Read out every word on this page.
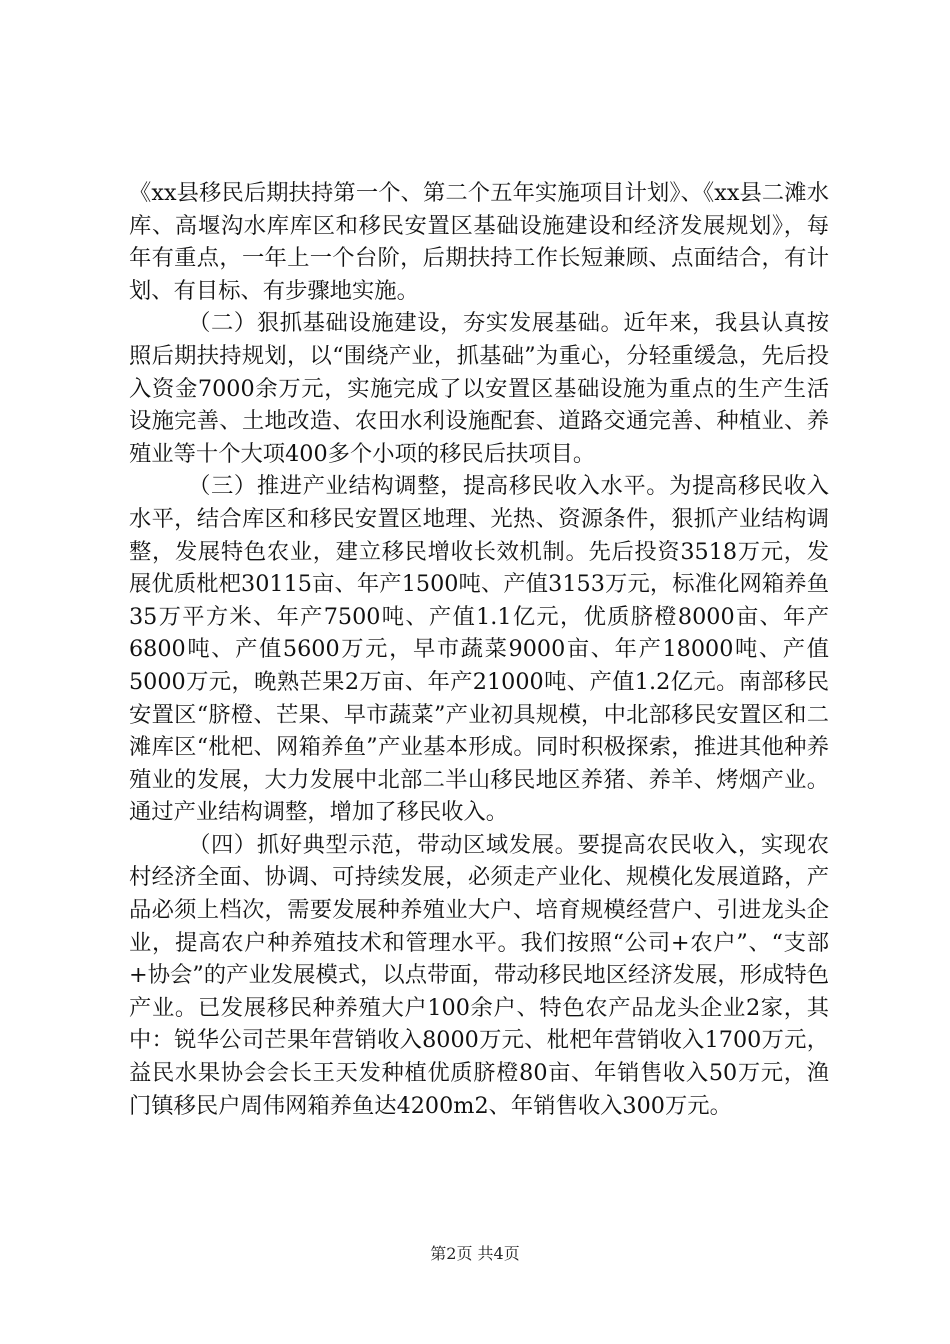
《xx县移民后期扶持第一个、第二个五年实施项目计划》、《xx县二滩水库、高堰沟水库库区和移民安置区基础设施建设和经济发展规划》，每年有重点，一年上一个台阶，后期扶持工作长短兼顾、点面结合，有计划、有目标、有步骤地实施。

（二）狠抓基础设施建设，夯实发展基础。近年来，我县认真按照后期扶持规划，以“围绕产业，抓基础”为重心，分轻重缓急，先后投入资金7000余万元，实施完成了以安置区基础设施为重点的生产生活设施完善、土地改造、农田水利设施配套、道路交通完善、种植业、养殖业等十个大项400多个小项的移民后扶项目。

（三）推进产业结构调整，提高移民收入水平。为提高移民收入水平，结合库区和移民安置区地理、光热、资源条件，狠抓产业结构调整，发展特色农业，建立移民增收长效机制。先后投资3518万元，发展优质枇杷30115亩、年产1500吨、产值3153万元，标准化网箱养鱼35万平方米、年产7500吨、产值1.1亿元，优质脐橙8000亩、年产6800吨、产值5600万元，早市蔬菜9000亩、年产18000吨、产值5000万元，晚熟芒果2万亩、年产21000吨、产值1.2亿元。南部移民安置区“脐橙、芒果、早市蔬菜”产业初具规模，中北部移民安置区和二滩库区“枇杷、网箱养鱼”产业基本形成。同时积极探索，推进其他种养殖业的发展，大力发展中北部二半山移民地区养猪、养羊、烤烟产业。通过产业结构调整，增加了移民收入。

（四）抓好典型示范，带动区域发展。要提高农民收入，实现农村经济全面、协调、可持续发展，必须走产业化、规模化发展道路，产品必须上档次，需要发展种养殖业大户、培育规模经营户、引进龙头企业，提高农户种养殖技术和管理水平。我们按照“公司+农户”、“支部+协会”的产业发展模式，以点带面，带动移民地区经济发展，形成特色产业。已发展移民种养殖大户100余户、特色农产品龙头企业2家，其中：锐华公司芒果年营销收入8000万元、枇杷年营销收入1700万元，益民水果协会会长王天发种植优质脐橙80亩、年销售收入50万元，渔门镇移民户周伟网箱养鱼达4200m2、年销售收入300万元。

第2页 共4页
